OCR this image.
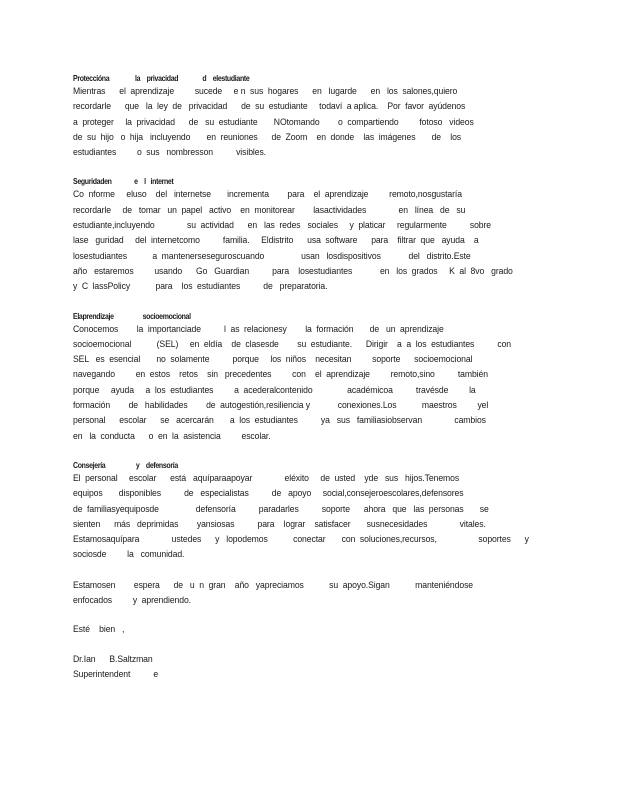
Proteccióna                la    privacidad               d    elestudiante
Mientras      el  aprendizaje         sucede     e n  sus  hogares      en   lugarde      en   los  salones,quiero
recordarle      que   la  ley  de   privacidad      de  su  estudiante     todaví  a aplica.    Por  favor  ayúdenos
a  proteger     la  privacidad      de   su  estudiante       NOtomando        o  compartiendo         fotoso   videos
de  su  hijo   o  hija   incluyendo       en  reuniones      de  Zoom    en  donde    las  imágenes       de    los
estudiantes         o  sus   nombresson          visibles.
Seguridaden              e    l   internet
Co  nforme     eluso    del   internetse       incrementa        para    el  aprendizaje         remoto,nosgustaría
recordarle     de   tomar   un  papel   activo    en  monitorear        lasactividades              en   línea   de   su
estudiante,incluyendo              su  actividad      en   las  redes   sociales     y  platicar     regularmente          sobre
lase   guridad     del  internetcomo          familia.     Eldistrito      usa  software      para    filtrar  que   ayuda    a
losestudiantes           a  mantenerseseguroscuando                usan   losdispositivos            del   distrito.Este
año   estaremos         usando      Go   Guardian          para    losestudiantes            en   los  grados     K  al  8vo   grado
y  C  lassPolicy           para    los  estudiantes          de   preparatoria.
Elaprendizaje                  socioemocional
Conocemos        la  importanciade          l  as  relacionesy        la  formación       de   un  aprendizaje
socioemocional           (SEL)     en  eldía    de  clasesde        su  estudiante.      Dirigir    a  a  los  estudiantes          con
SEL   es  esencial       no  solamente          porque     los  niños    necesitan         soporte      socioemocional
navegando         en  estos    retos    sin   precedentes         con    el  aprendizaje         remoto,sino          también
porque     ayuda     a  los  estudiantes         a  acederalcontenido               académicoa          travésde         la
formación        de   habilidades        de  autogestión,resiliencia y            conexiones.Los           maestros         yel
personal      escolar      se   acercarán       a  los  estudiantes          ya   sus   familiasiobservan              cambios
en   la  conducta      o  en  la  asistencia         escolar.
Consejería                   y    defensoría
El  personal     escolar      está   aquíparaapoyar              eléxito     de  usted    yde   sus   hijos.Tenemos
equipos       disponibles          de   especialistas          de   apoyo     social,consejeroescolares,defensores
de  familiasyequiposde                defensoría          paradarles          soporte      ahora   que   las  personas       se
sienten      más   deprimidas        yansiosas          para    lograr    satisfacer       susnecesidades              vitales.
Estamosaquípara              ustedes      y   lopodemos           conectar       con  soluciones,recursos,                  soportes      y
sociosde         la   comunidad.
Estamosen        espera      de   u  n  gran    año   yapreciamos           su  apoyo.Sigan           manteniéndose
enfocados         y  aprendiendo.
Esté    bien   ,
Dr.Ian      B.Saltzman
Superintendent          e
